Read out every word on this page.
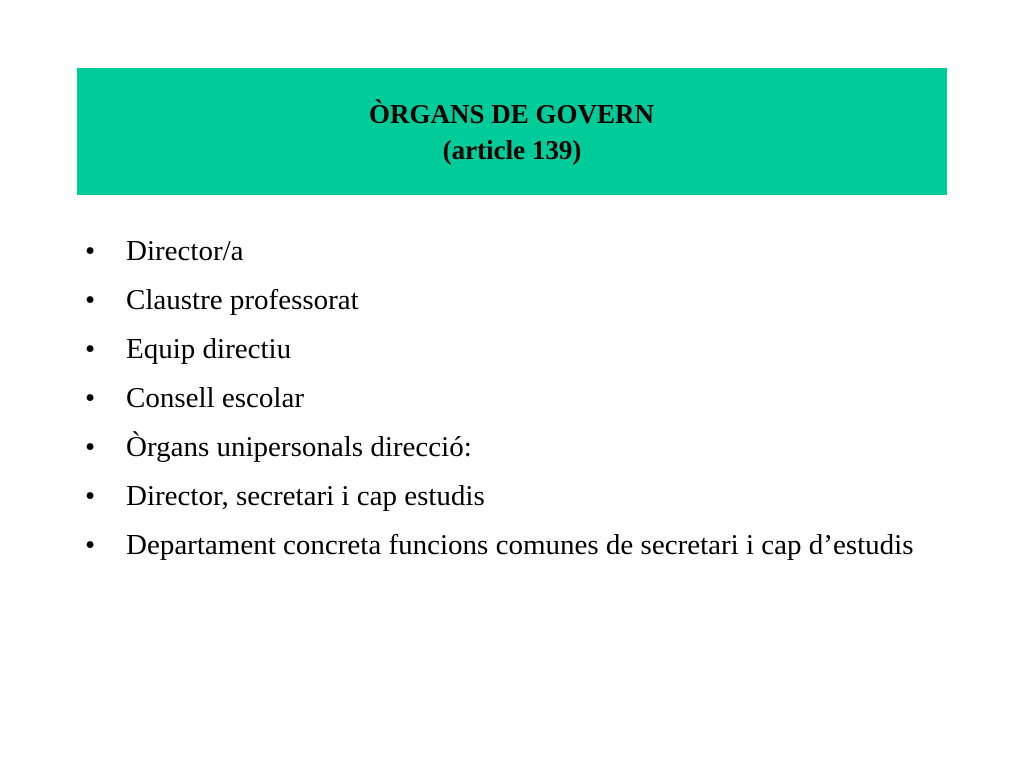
ÒRGANS DE GOVERN
(article 139)
•	Director/a
•	Claustre professorat
•	Equip directiu
•	Consell escolar
•	Òrgans unipersonals direcció:
•	Director, secretari i cap estudis
•	Departament concreta funcions comunes de secretari i cap d’estudis
